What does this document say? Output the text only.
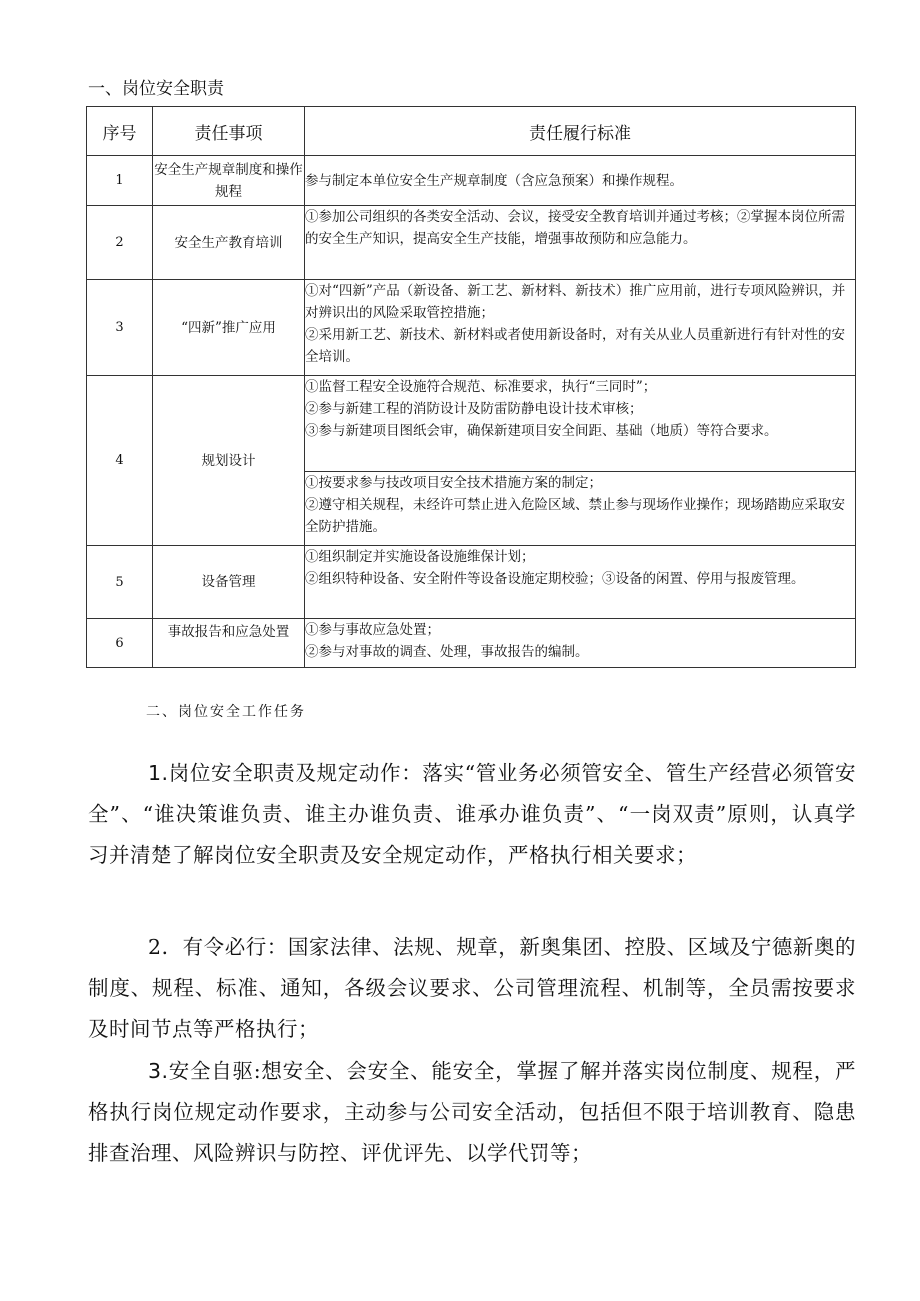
一、岗位安全职责
序号	责任事项	责任履行标准
1	安全生产规章制度和操作规程	参与制定本单位安全生产规章制度（含应急预案）和操作规程。

2	安全生产教育培训	①参加公司组织的各类安全活动、会议，接受安全教育培训并通过考核；②掌握本岗位所需的安全生产知识，提高安全生产技能，增强事故预防和应急能力。

3	“四新”推广应用	①对“四新”产品（新设备、新工艺、新材料、新技术）推广应用前，进行专项风险辨识，并对辨识出的风险采取管控措施；
②采用新工艺、新技术、新材料或者使用新设备时，对有关从业人员重新进行有针对性的安全培训。

4	规划设计	①监督工程安全设施符合规范、标准要求，执行“三同时”；
②参与新建工程的消防设计及防雷防静电设计技术审核；
③参与新建项目图纸会审，确保新建项目安全间距、基础（地质）等符合要求。

		①按要求参与技改项目安全技术措施方案的制定；
②遵守相关规程，未经许可禁止进入危险区域、禁止参与现场作业操作；现场踏勘应采取安全防护措施。

5	设备管理	①组织制定并实施设备设施维保计划；
②组织特种设备、安全附件等设备设施定期校验；③设备的闲置、停用与报废管理。

6	事故报告和应急处置	①参与事故应急处置；
②参与对事故的调查、处理，事故报告的编制。
二、岗位安全工作任务

1.岗位安全职责及规定动作：落实“管业务必须管安全、管生产经营必须管安全”、“谁决策谁负责、谁主办谁负责、谁承办谁负责”、“一岗双责”原则，认真学习并清楚了解岗位安全职责及安全规定动作，严格执行相关要求；

2．有令必行：国家法律、法规、规章，新奥集团、控股、区域及宁德新奥的制度、规程、标准、通知，各级会议要求、公司管理流程、机制等，全员需按要求及时间节点等严格执行；

3.安全自驱:想安全、会安全、能安全，掌握了解并落实岗位制度、规程，严格执行岗位规定动作要求，主动参与公司安全活动，包括但不限于培训教育、隐患排查治理、风险辨识与防控、评优评先、以学代罚等；
